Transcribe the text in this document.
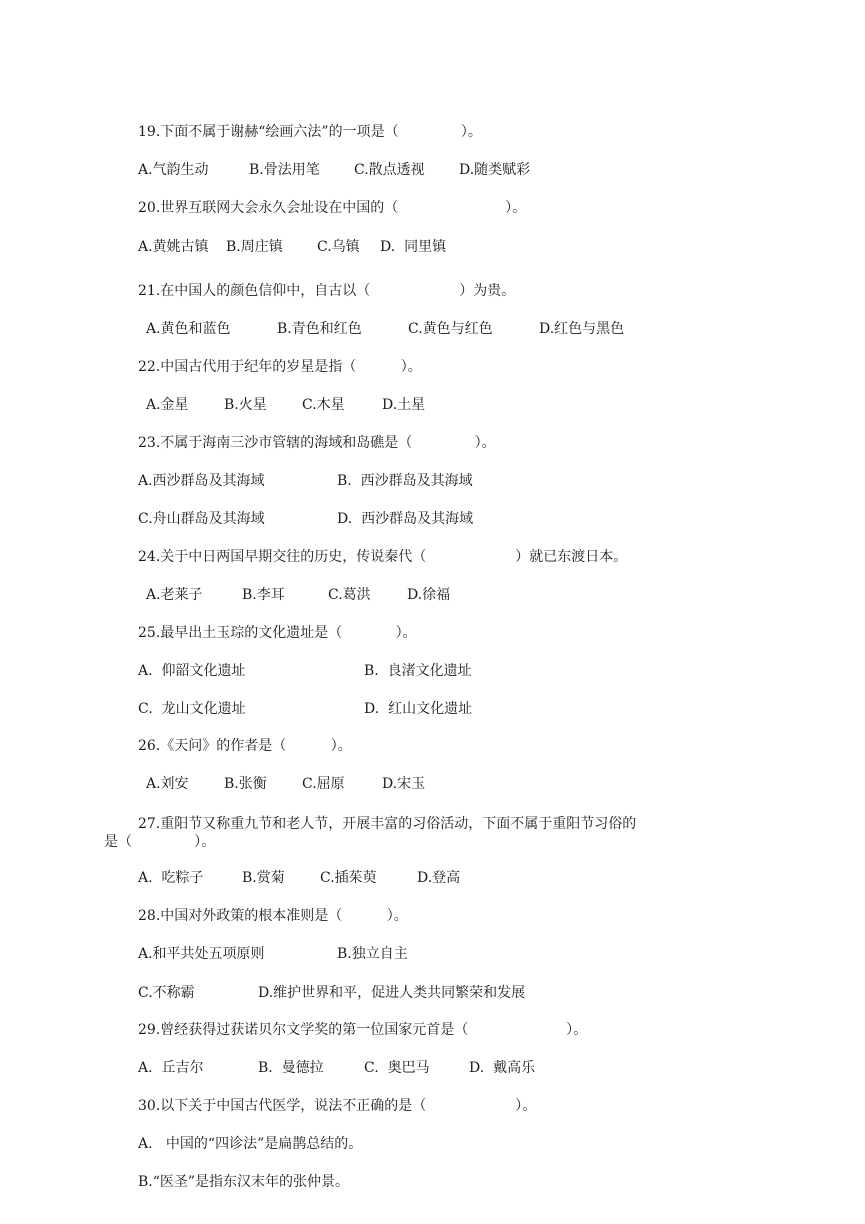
19.下面不属于谢赫“绘画六法”的一项是（              ）。
A.气韵生动	B.骨法用笔 C.散点透视 D.随类赋彩
20.世界互联网大会永久会址设在中国的（                        ）。
A.黄姚古镇 B.周庄镇 C.乌镇 D.  同里镇
21.在中国人的颜色信仰中，自古以（                    ）为贵。
A.黄色和蓝色	B.青色和红色	C.黄色与红色	D.红色与黑色
22.中国古代用于纪年的岁星是指（          ）。
A.金星	B.火星	C.木星	D.土星
23.不属于海南三沙市管辖的海域和岛礁是（              ）。
A.西沙群岛及其海域	B.  西沙群岛及其海域
C.舟山群岛及其海域	D.  西沙群岛及其海域
24.关于中日两国早期交往的历史，传说秦代（                    ）就已东渡日本。
A.老莱子	B.李耳	C.葛洪	D.徐福
25.最早出土玉琮的文化遗址是（            ）。
A.  仰韶文化遗址	B.  良渚文化遗址
C.  龙山文化遗址	D.  红山文化遗址
26.《天问》的作者是（          ）。
A.刘安	B.张衡	C.屈原	D.宋玉
27.重阳节又称重九节和老人节，开展丰富的习俗活动，下面不属于重阳节习俗的
是（              ）。
A.  吃粽子	B.赏菊	C.插茱萸	D.登高
28.中国对外政策的根本准则是（          ）。
A.和平共处五项原则	B.独立自主
C.不称霸	D.维护世界和平，促进人类共同繁荣和发展
29.曾经获得过获诺贝尔文学奖的第一位国家元首是（                      ）。
A.  丘吉尔	B.  曼德拉	C.  奥巴马	D.  戴高乐
30.以下关于中国古代医学，说法不正确的是（                    ）。
A.   中国的“四诊法”是扁鹊总结的。
B.“医圣”是指东汉末年的张仲景。
